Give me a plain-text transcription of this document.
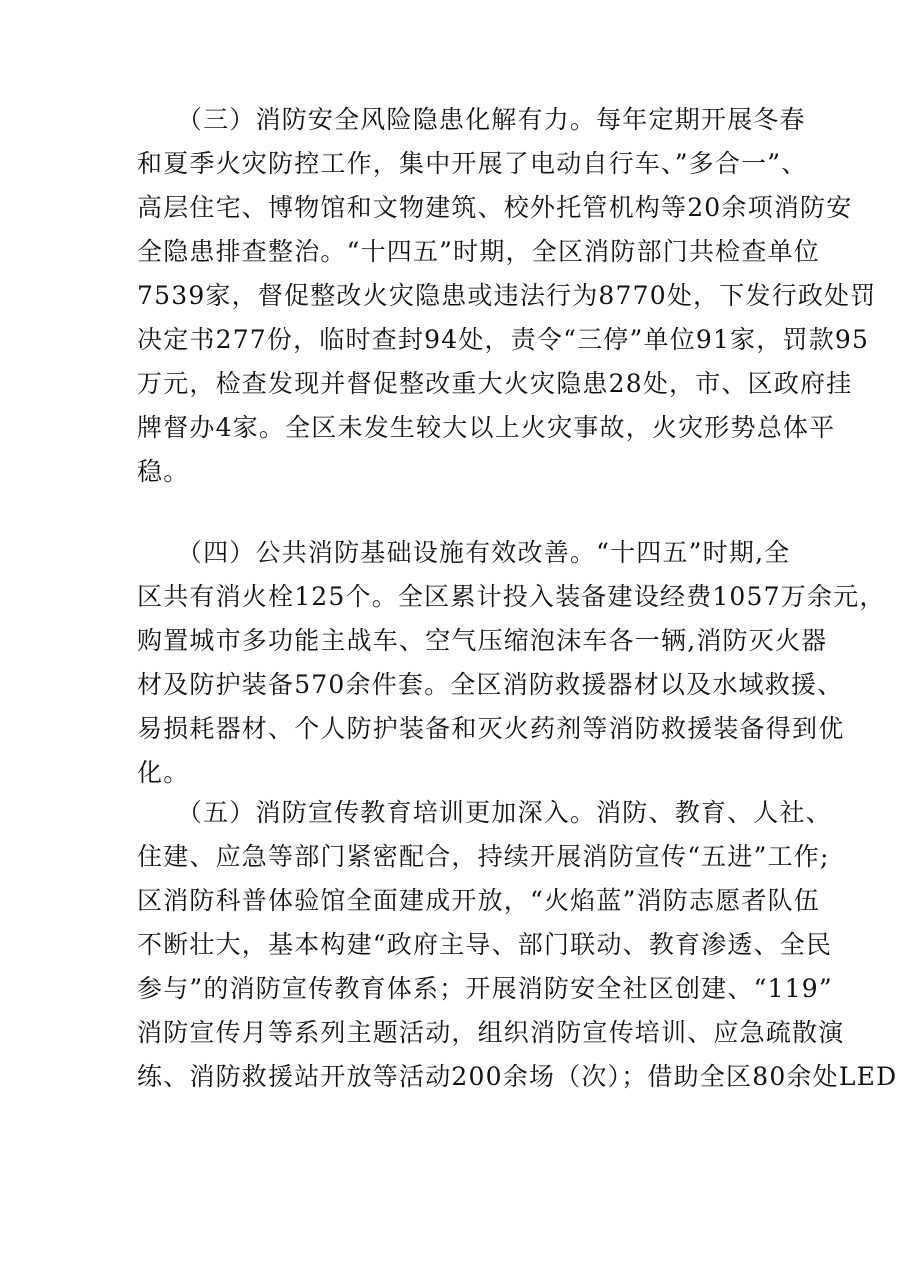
　　（三）消防安全风险隐患化解有力。每年定期开展冬春
和夏季火灾防控工作，集中开展了电动自行车、”多合一”、
高层住宅、博物馆和文物建筑、校外托管机构等20余项消防安
全隐患排查整治。“十四五”时期，全区消防部门共检查单位
7539家，督促整改火灾隐患或违法行为8770处，下发行政处罚
决定书277份，临时查封94处，责令“三停”单位91家，罚款95
万元，检查发现并督促整改重大火灾隐患28处，市、区政府挂
牌督办4家。全区未发生较大以上火灾事故，火灾形势总体平
稳。
　　（四）公共消防基础设施有效改善。“十四五”时期,全
区共有消火栓125个。全区累计投入装备建设经费1057万余元，
购置城市多功能主战车、空气压缩泡沫车各一辆,消防灭火器
材及防护装备570余件套。全区消防救援器材以及水域救援、
易损耗器材、个人防护装备和灭火药剂等消防救援装备得到优
化。
　　（五）消防宣传教育培训更加深入。消防、教育、人社、
住建、应急等部门紧密配合，持续开展消防宣传“五进”工作;
区消防科普体验馆全面建成开放，“火焰蓝”消防志愿者队伍
不断壮大，基本构建“政府主导、部门联动、教育渗透、全民
参与”的消防宣传教育体系；开展消防安全社区创建、“119”
消防宣传月等系列主题活动，组织消防宣传培训、应急疏散演
练、消防救援站开放等活动200余场（次）；借助全区80余处LED
